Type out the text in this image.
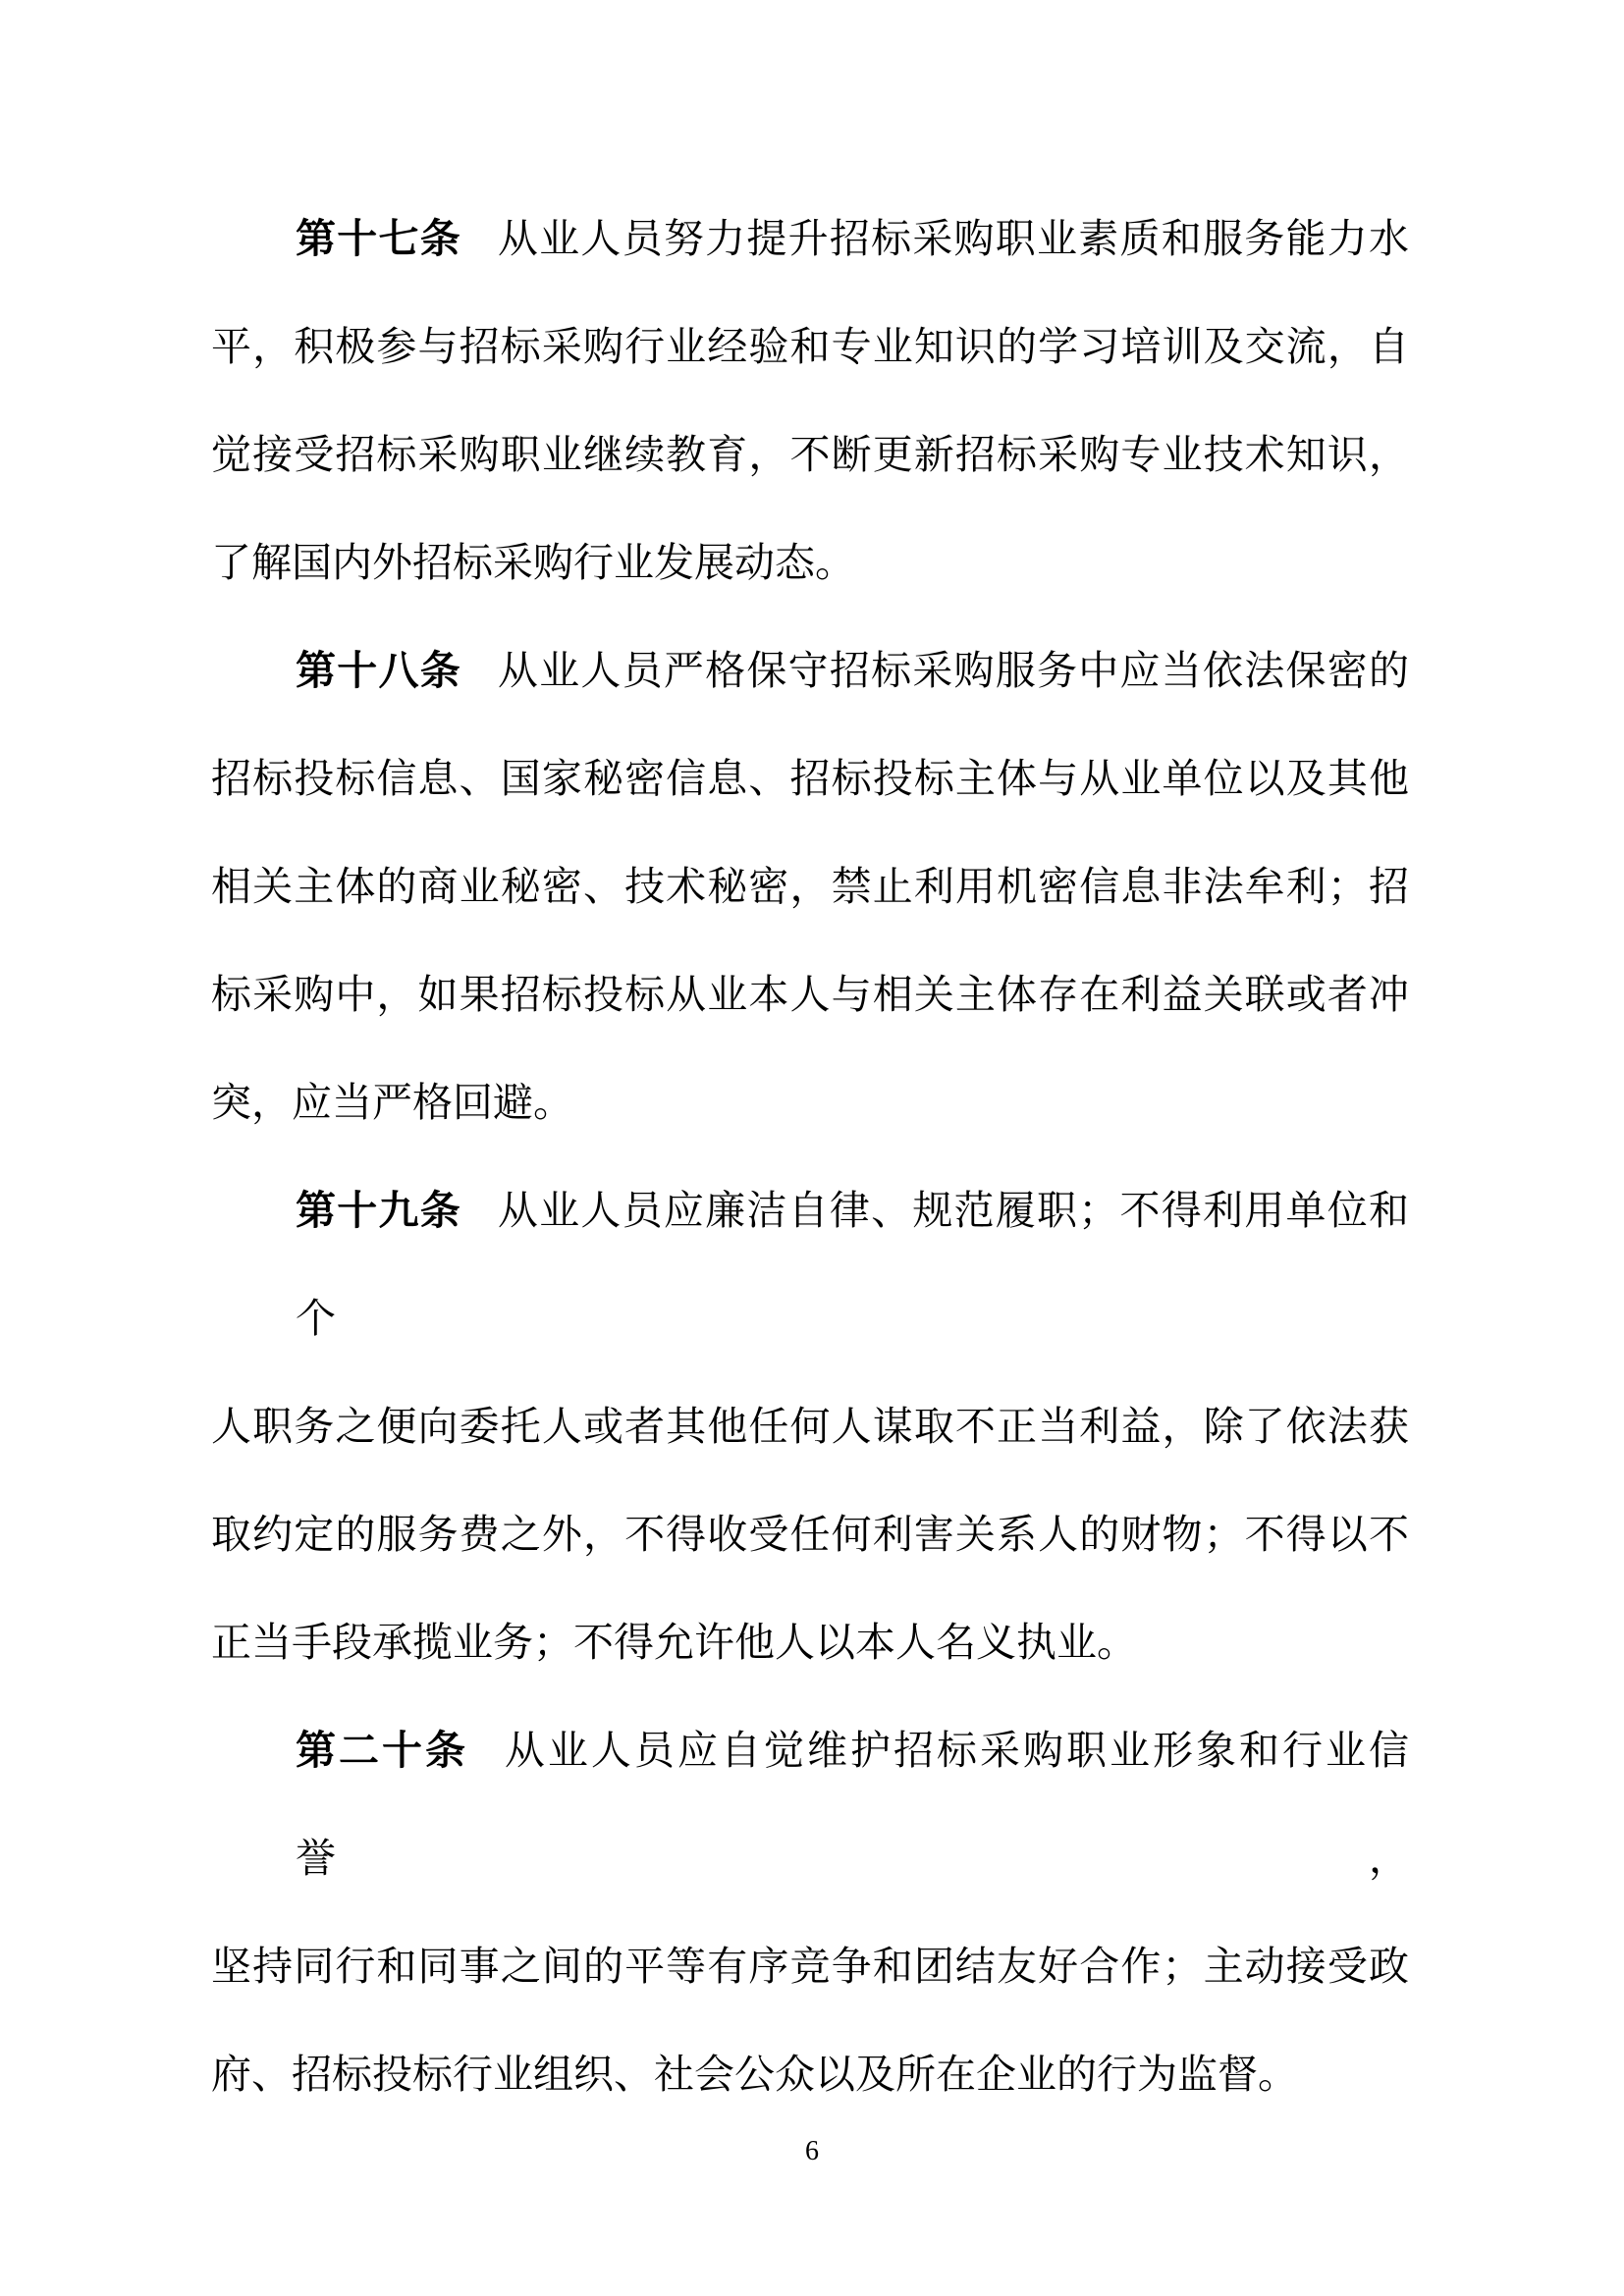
第十七条 从业人员努力提升招标采购职业素质和服务能力水
平，积极参与招标采购行业经验和专业知识的学习培训及交流，自
觉接受招标采购职业继续教育，不断更新招标采购专业技术知识，
了解国内外招标采购行业发展动态。
第十八条 从业人员严格保守招标采购服务中应当依法保密的
招标投标信息、国家秘密信息、招标投标主体与从业单位以及其他
相关主体的商业秘密、技术秘密，禁止利用机密信息非法牟利；招
标采购中，如果招标投标从业本人与相关主体存在利益关联或者冲
突，应当严格回避。
第十九条 从业人员应廉洁自律、规范履职；不得利用单位和个
人职务之便向委托人或者其他任何人谋取不正当利益，除了依法获
取约定的服务费之外，不得收受任何利害关系人的财物；不得以不
正当手段承揽业务；不得允许他人以本人名义执业。
第二十条 从业人员应自觉维护招标采购职业形象和行业信誉，
坚持同行和同事之间的平等有序竞争和团结友好合作；主动接受政
府、招标投标行业组织、社会公众以及所在企业的行为监督。
6
